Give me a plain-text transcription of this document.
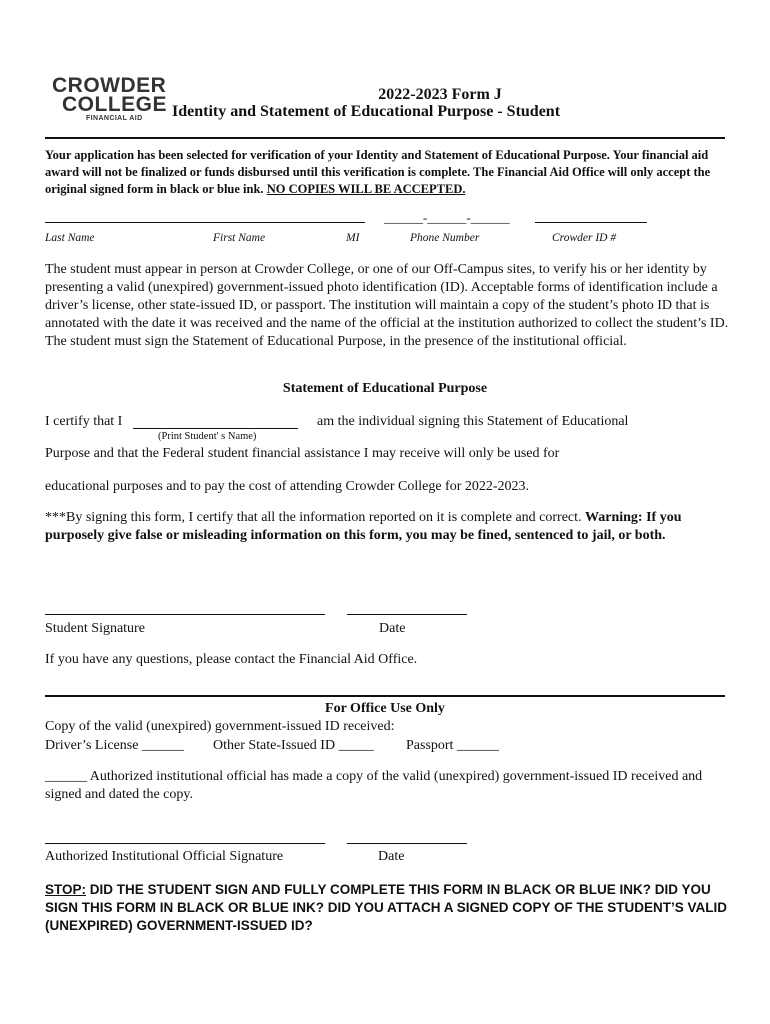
CROWDER
COLLEGE
FINANCIAL AID
2022-2023 Form J
Identity and Statement of Educational Purpose - Student
Your application has been selected for verification of your Identity and Statement of Educational Purpose. Your financial aid award will not be finalized or funds disbursed until this verification is complete. The Financial Aid Office will only accept the original signed form in black or blue ink. NO COPIES WILL BE ACCEPTED.
______-______-______
Last Name	First Name	MI	Phone Number	Crowder ID #
The student must appear in person at Crowder College, or one of our Off-Campus sites, to verify his or her identity by presenting a valid (unexpired) government-issued photo identification (ID). Acceptable forms of identification include a driver’s license, other state-issued ID, or passport. The institution will maintain a copy of the student’s photo ID that is annotated with the date it was received and the name of the official at the institution authorized to collect the student’s ID. The student must sign the Statement of Educational Purpose, in the presence of the institutional official.
Statement of Educational Purpose
I certify that I	am the individual signing this Statement of Educational
(Print Student' s Name)
Purpose and that the Federal student financial assistance I may receive will only be used for
educational purposes and to pay the cost of attending Crowder College for 2022-2023.
***By signing this form, I certify that all the information reported on it is complete and correct. Warning: If you purposely give false or misleading information on this form, you may be fined, sentenced to jail, or both.
Student Signature	Date
If you have any questions, please contact the Financial Aid Office.
For Office Use Only
Copy of the valid (unexpired) government-issued ID received:
Driver’s License ______ Other State-Issued ID _____ Passport ______
______ Authorized institutional official has made a copy of the valid (unexpired) government-issued ID received and signed and dated the copy.
Authorized Institutional Official Signature	Date
STOP: DID THE STUDENT SIGN AND FULLY COMPLETE THIS FORM IN BLACK OR BLUE INK? DID YOU SIGN THIS FORM IN BLACK OR BLUE INK? DID YOU ATTACH A SIGNED COPY OF THE STUDENT’S VALID (UNEXPIRED) GOVERNMENT-ISSUED ID?
